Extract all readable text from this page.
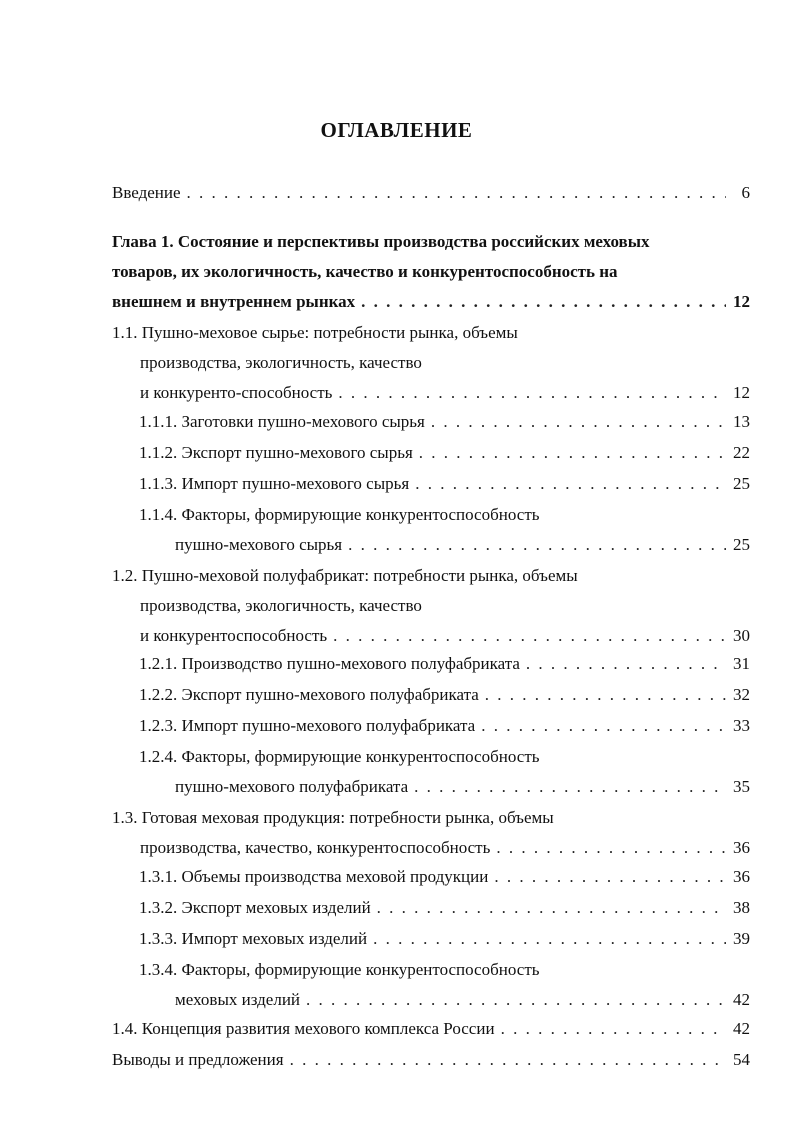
ОГЛАВЛЕНИЕ
Введение . . .	6
Глава 1. Состояние и перспективы производства российских меховых
товаров, их экологичность, качество и конкурентоспособность на
внешнем и внутреннем рынках . . .	12
1.1. Пушно-меховое сырье: потребности рынка, объемы
производства, экологичность, качество
и конкуренто-способность . . .	12
1.1.1. Заготовки пушно-мехового сырья . . .	13
1.1.2. Экспорт пушно-мехового сырья . . .	22
1.1.3. Импорт пушно-мехового сырья . . .	25
1.1.4. Факторы, формирующие конкурентоспособность
пушно-мехового сырья . . .	25
1.2. Пушно-меховой полуфабрикат: потребности рынка, объемы
производства, экологичность, качество
и конкурентоспособность . . .	30
1.2.1. Производство пушно-мехового полуфабриката . . .	31
1.2.2. Экспорт пушно-мехового полуфабриката . . .	32
1.2.3. Импорт пушно-мехового полуфабриката . . .	33
1.2.4. Факторы, формирующие конкурентоспособность
пушно-мехового полуфабриката . . .	35
1.3. Готовая меховая продукция: потребности рынка, объемы
производства, качество, конкурентоспособность . . .	36
1.3.1. Объемы производства меховой продукции . . .	36
1.3.2. Экспорт меховых изделий . . .	38
1.3.3. Импорт меховых изделий . . .	39
1.3.4. Факторы, формирующие конкурентоспособность
меховых изделий . . .	42
1.4. Концепция развития мехового комплекса России . . .	42
Выводы и предложения . . .	54
